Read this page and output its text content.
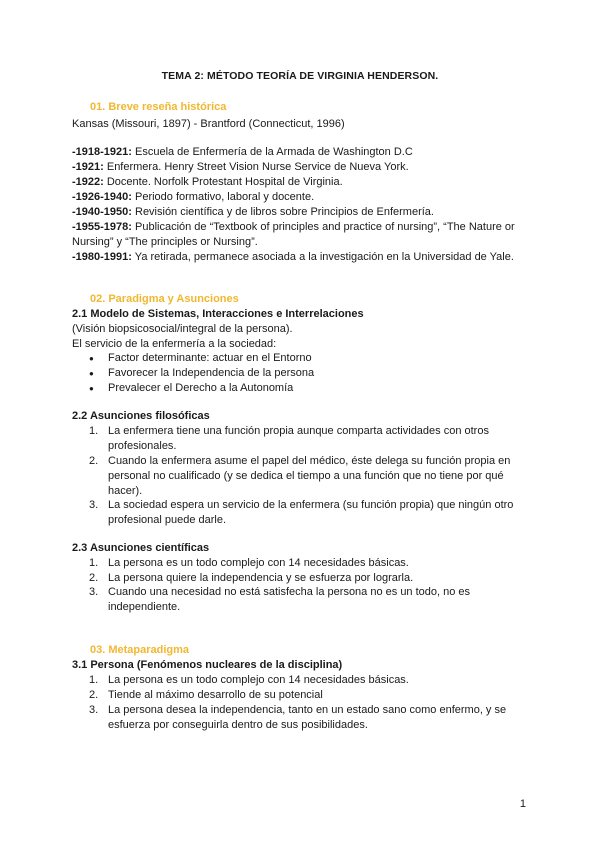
TEMA 2: MÉTODO TEORÍA DE VIRGINIA HENDERSON.
01. Breve reseña histórica
Kansas (Missouri, 1897) - Brantford (Connecticut, 1996)
-1918-1921: Escuela de Enfermería de la Armada de Washington D.C
-1921: Enfermera. Henry Street Vision Nurse Service de Nueva York.
-1922: Docente. Norfolk Protestant Hospital de Virginia.
-1926-1940: Periodo formativo, laboral y docente.
-1940-1950: Revisión científica y de libros sobre Principios de Enfermería.
-1955-1978: Publicación de “Textbook of principles and practice of nursing”, “The Nature or
Nursing” y “The principles or Nursing”.
-1980-1991: Ya retirada, permanece asociada a la investigación en la Universidad de Yale.
02. Paradigma y Asunciones
2.1 Modelo de Sistemas, Interacciones e Interrelaciones
(Visión biopsicosocial/integral de la persona).
El servicio de la enfermería a la sociedad:
● Factor determinante: actuar en el Entorno
● Favorecer la Independencia de la persona
● Prevalecer el Derecho a la Autonomía
2.2 Asunciones filosóficas
1. La enfermera tiene una función propia aunque comparta actividades con otros
profesionales.
2. Cuando la enfermera asume el papel del médico, éste delega su función propia en
personal no cualificado (y se dedica el tiempo a una función que no tiene por qué
hacer).
3. La sociedad espera un servicio de la enfermera (su función propia) que ningún otro
profesional puede darle.
2.3 Asunciones científicas
1. La persona es un todo complejo con 14 necesidades básicas.
2. La persona quiere la independencia y se esfuerza por lograrla.
3. Cuando una necesidad no está satisfecha la persona no es un todo, no es
independiente.
03. Metaparadigma
3.1 Persona (Fenómenos nucleares de la disciplina)
1. La persona es un todo complejo con 14 necesidades básicas.
2. Tiende al máximo desarrollo de su potencial
3. La persona desea la independencia, tanto en un estado sano como enfermo, y se
esfuerza por conseguirla dentro de sus posibilidades.
1
